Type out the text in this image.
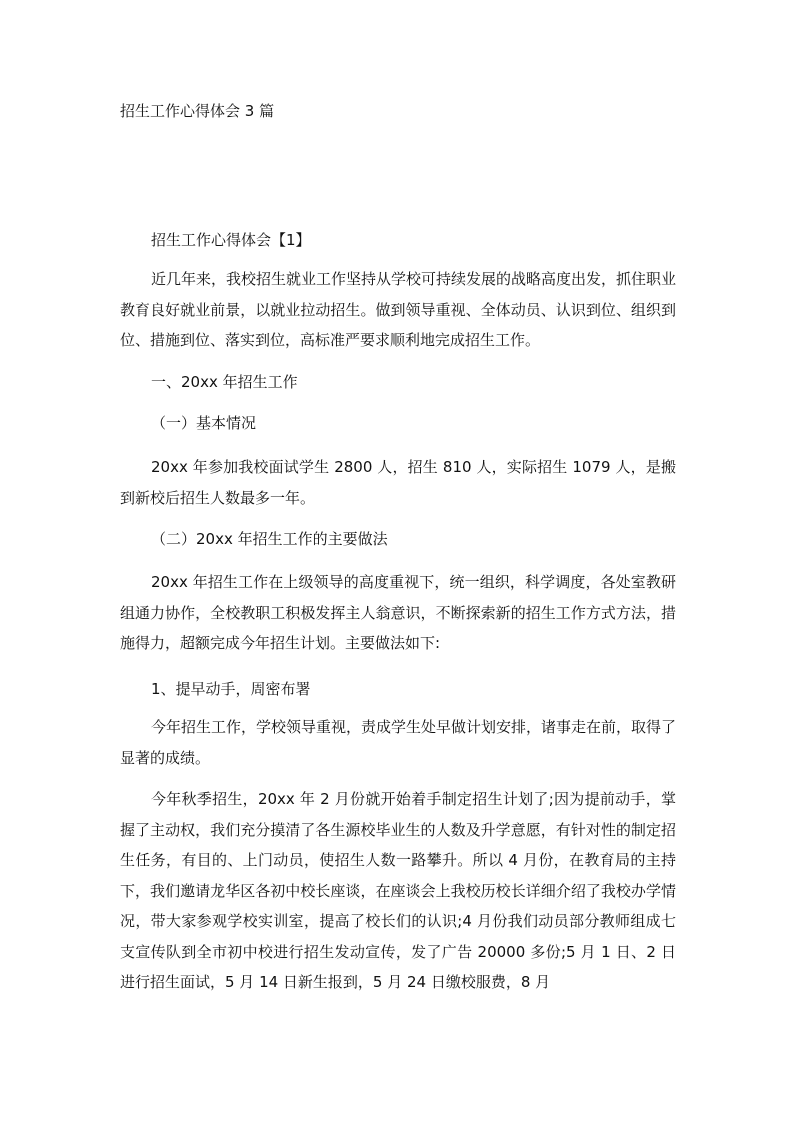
招生工作心得体会 3 篇

招生工作心得体会【1】

近几年来，我校招生就业工作坚持从学校可持续发展的战略高度出发，抓住职业教育良好就业前景，以就业拉动招生。做到领导重视、全体动员、认识到位、组织到位、措施到位、落实到位，高标准严要求顺利地完成招生工作。

一、20xx 年招生工作

（一）基本情况

20xx 年参加我校面试学生 2800 人，招生 810 人，实际招生 1079 人，是搬到新校后招生人数最多一年。

（二）20xx 年招生工作的主要做法

20xx 年招生工作在上级领导的高度重视下，统一组织，科学调度，各处室教研组通力协作，全校教职工积极发挥主人翁意识，不断探索新的招生工作方式方法，措施得力，超额完成今年招生计划。主要做法如下:

1、提早动手，周密布署

今年招生工作，学校领导重视，责成学生处早做计划安排，诸事走在前，取得了显著的成绩。

今年秋季招生，20xx 年 2 月份就开始着手制定招生计划了;因为提前动手，掌握了主动权，我们充分摸清了各生源校毕业生的人数及升学意愿，有针对性的制定招生任务，有目的、上门动员，使招生人数一路攀升。所以 4 月份，在教育局的主持下，我们邀请龙华区各初中校长座谈，在座谈会上我校历校长详细介绍了我校办学情况，带大家参观学校实训室，提高了校长们的认识;4 月份我们动员部分教师组成七支宣传队到全市初中校进行招生发动宣传，发了广告 20000 多份;5 月 1 日、2 日进行招生面试，5 月 14 日新生报到，5 月 24 日缴校服费，8 月
